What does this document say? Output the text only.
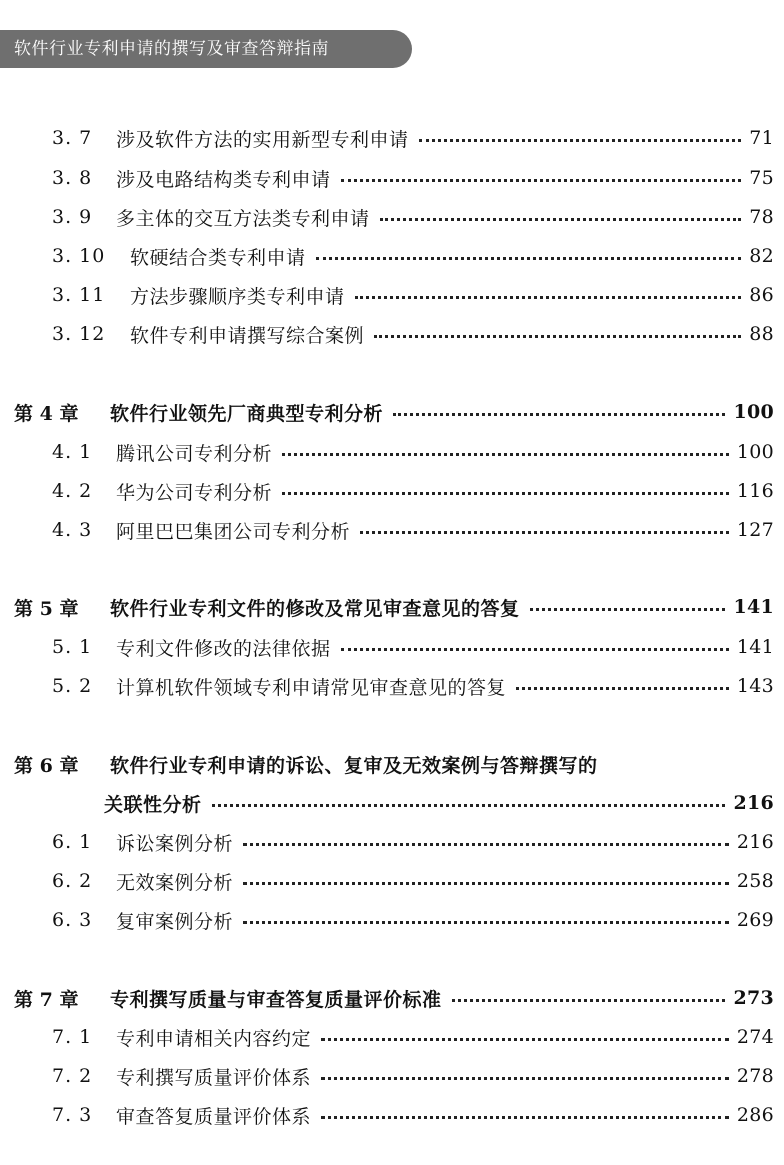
软件行业专利申请的撰写及审查答辩指南
3. 7	涉及软件方法的实用新型专利申请	71
3. 8	涉及电路结构类专利申请	75
3. 9	多主体的交互方法类专利申请	78
3. 10	软硬结合类专利申请	82
3. 11	方法步骤顺序类专利申请	86
3. 12	软件专利申请撰写综合案例	88
第 4 章	软件行业领先厂商典型专利分析	100
4. 1	腾讯公司专利分析	100
4. 2	华为公司专利分析	116
4. 3	阿里巴巴集团公司专利分析	127
第 5 章	软件行业专利文件的修改及常见审查意见的答复	141
5. 1	专利文件修改的法律依据	141
5. 2	计算机软件领域专利申请常见审查意见的答复	143
第 6 章	软件行业专利申请的诉讼、复审及无效案例与答辩撰写的
关联性分析	216
6. 1	诉讼案例分析	216
6. 2	无效案例分析	258
6. 3	复审案例分析	269
第 7 章	专利撰写质量与审查答复质量评价标准	273
7. 1	专利申请相关内容约定	274
7. 2	专利撰写质量评价体系	278
7. 3	审查答复质量评价体系	286
